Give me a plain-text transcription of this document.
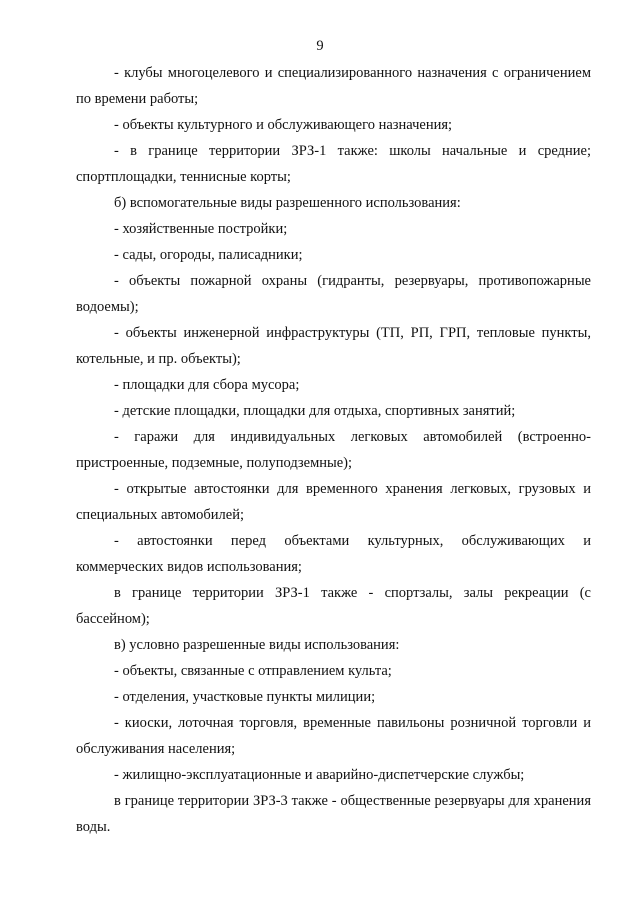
9

- клубы многоцелевого и специализированного назначения с ограничением по времени работы;

- объекты культурного и обслуживающего назначения;

- в границе территории ЗРЗ-1 также: школы начальные и средние; спортплощадки, теннисные корты;

б) вспомогательные виды разрешенного использования:

- хозяйственные постройки;

- сады, огороды, палисадники;

- объекты пожарной охраны (гидранты, резервуары, противопожарные водоемы);

- объекты инженерной инфраструктуры (ТП, РП, ГРП, тепловые пункты, котельные, и пр. объекты);

- площадки для сбора мусора;

- детские площадки, площадки для отдыха, спортивных занятий;

- гаражи для индивидуальных легковых автомобилей (встроенно-пристроенные, подземные, полуподземные);

- открытые автостоянки для временного хранения легковых, грузовых и специальных автомобилей;

- автостоянки перед объектами культурных, обслуживающих и коммерческих видов использования;

в границе территории ЗРЗ-1 также - спортзалы, залы рекреации (с бассейном);

в) условно разрешенные виды использования:

- объекты, связанные с отправлением культа;

- отделения, участковые пункты милиции;

- киоски, лоточная торговля, временные павильоны розничной торговли и обслуживания населения;

- жилищно-эксплуатационные и аварийно-диспетчерские службы;

в границе территории ЗРЗ-3 также - общественные резервуары для хранения воды.
